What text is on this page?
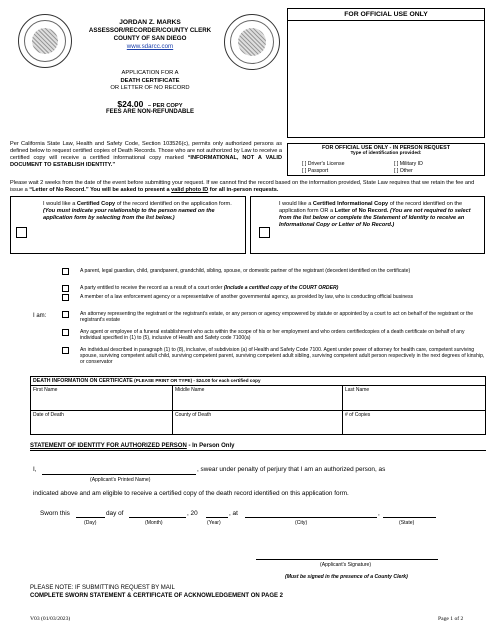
JORDAN Z. MARKS
ASSESSOR/RECORDER/COUNTY CLERK
COUNTY OF SAN DIEGO
www.sdarcc.com
APPLICATION FOR A
DEATH CERTIFICATE
OR LETTER OF NO RECORD
$24.00 – PER COPY
FEES ARE NON-REFUNDABLE
FOR OFFICIAL USE ONLY
Per California State Law, Health and Safety Code, Section 103526(c), permits only authorized persons as defined below to request certified copies of Death Records. Those who are not authorized by Law to receive a certified copy will receive a certified informational copy marked “INFORMATIONAL, NOT A VALID DOCUMENT TO ESTABLISH IDENTITY.”
FOR OFFICIAL USE ONLY - IN PERSON REQUEST
Type of identification provided:
[ ] Driver's License
[ ] Passport
[ ] Military ID
[ ] Other
Please wait 2 weeks from the date of the event before submitting your request. If we cannot find the record based on the information provided, State Law requires that we retain the fee and issue a “Letter of No Record.” You will be asked to present a valid photo ID for all in-person requests.
I would like a Certified Copy of the record identified on the application form. (You must indicate your relationship to the person named on the application form by selecting from the list below.)
I would like a Certified Informational Copy of the record identified on the application form OR a Letter of No Record. (You are not required to select from the list below or complete the Statement of Identity to receive an Informational Copy or Letter of No Record.)
I am:
A parent, legal guardian, child, grandparent, grandchild, sibling, spouse, or domestic partner of the registrant (decedent identified on the certificate)
A party entitled to receive the record as a result of a court order (Include a certified copy of the COURT ORDER)
A member of a law enforcement agency or a representative of another governmental agency, as provided by law, who is conducting official business
An attorney representing the registrant or the registrant's estate, or any person or agency empowered by statute or appointed by a court to act on behalf of the registrant or the registrant's estate
Any agent or employee of a funeral establishment who acts within the scope of his or her employment and who orders certifiedcopies of a death certificate on behalf of any individual specified in (1) to (5), inclusive of Health and Safety code 7100(a)
An individual described in paragraph (1) to (8), inclusive, of subdivision (a) of Health and Safety Code 7100. Agent under power of attorney for health care, competent surviving spouse, surviving competent adult child, surviving competent parent, surviving competent adult sibling, surviving competent adult person respectively in the next degrees of kinship, or conservator
DEATH INFORMATION ON CERTIFICATE (PLEASE PRINT OR TYPE) - $24.00 for each certified copy
First Name	Middle Name	Last Name
Date of Death	County of Death	# of Copies
STATEMENT OF IDENTITY FOR AUTHORIZED PERSON - In Person Only
I,	, swear under penalty of perjury that I am an authorized person, as
(Applicant's Printed Name)
indicated above and am eligible to receive a certified copy of the death record identified on this application form.
Sworn this	day of	, 20	, at	,
(Day)	(Month)	(Year)	(City)	(State)
(Applicant's Signature)
(Must be signed in the presence of a County Clerk)
PLEASE NOTE: IF SUBMITTING REQUEST BY MAIL
COMPLETE SWORN STATEMENT & CERTIFICATE OF ACKNOWLEDGEMENT ON PAGE 2
V03 (01/03/2023)	Page 1 of 2
